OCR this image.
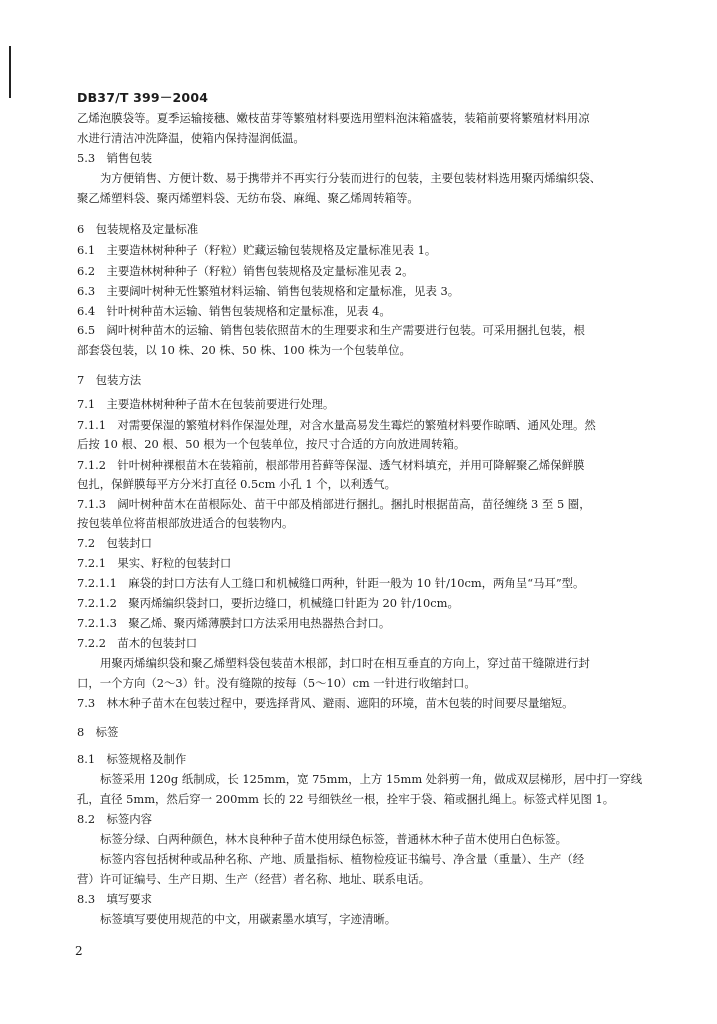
DB37/T 399－2004
乙烯泡膜袋等。夏季运输接穗、嫩枝苗芽等繁殖材料要选用塑料泡沫箱盛装，装箱前要将繁殖材料用凉
水进行清洁冲洗降温，使箱内保持湿润低温。
5.3　销售包装
为方便销售、方便计数、易于携带并不再实行分装而进行的包装，主要包装材料选用聚丙烯编织袋、
聚乙烯塑料袋、聚丙烯塑料袋、无纺布袋、麻绳、聚乙烯周转箱等。
6　包装规格及定量标准
6.1　主要造林树种种子（籽粒）贮藏运输包装规格及定量标准见表 1。
6.2　主要造林树种种子（籽粒）销售包装规格及定量标准见表 2。
6.3　主要阔叶树种无性繁殖材料运输、销售包装规格和定量标准，见表 3。
6.4　针叶树种苗木运输、销售包装规格和定量标准，见表 4。
6.5　阔叶树种苗木的运输、销售包装依照苗木的生理要求和生产需要进行包装。可采用捆扎包装，根
部套袋包装，以 10 株、20 株、50 株、100 株为一个包装单位。
7　包装方法
7.1　主要造林树种种子苗木在包装前要进行处理。
7.1.1　对需要保湿的繁殖材料作保湿处理，对含水量高易发生霉烂的繁殖材料要作晾晒、通风处理。然
后按 10 根、20 根、50 根为一个包装单位，按尺寸合适的方向放进周转箱。
7.1.2　针叶树种裸根苗木在装箱前，根部带用苔藓等保湿、透气材料填充，并用可降解聚乙烯保鲜膜
包扎，保鲜膜每平方分米打直径 0.5cm 小孔 1 个，以利透气。
7.1.3　阔叶树种苗木在苗根际处、苗干中部及梢部进行捆扎。捆扎时根据苗高，苗径缠绕 3 至 5 圈，
按包装单位将苗根部放进适合的包装物内。
7.2　包装封口
7.2.1　果实、籽粒的包装封口
7.2.1.1　麻袋的封口方法有人工缝口和机械缝口两种，针距一般为 10 针/10cm，两角呈“马耳”型。
7.2.1.2　聚丙烯编织袋封口，要折边缝口，机械缝口针距为 20 针/10cm。
7.2.1.3　聚乙烯、聚丙烯薄膜封口方法采用电热器热合封口。
7.2.2　苗木的包装封口
用聚丙烯编织袋和聚乙烯塑料袋包装苗木根部，封口时在相互垂直的方向上，穿过苗干缝隙进行封
口，一个方向（2～3）针。没有缝隙的按每（5～10）cm 一针进行收缩封口。
7.3　林木种子苗木在包装过程中，要选择背风、避雨、遮阳的环境，苗木包装的时间要尽量缩短。
8　标签
8.1　标签规格及制作
标签采用 120g 纸制成，长 125mm，宽 75mm，上方 15mm 处斜剪一角，做成双层梯形，居中打一穿线
孔，直径 5mm，然后穿一 200mm 长的 22 号细铁丝一根，拴牢于袋、箱或捆扎绳上。标签式样见图 1。
8.2　标签内容
标签分绿、白两种颜色，林木良种种子苗木使用绿色标签，普通林木种子苗木使用白色标签。
标签内容包括树种或品种名称、产地、质量指标、植物检疫证书编号、净含量（重量）、生产（经
营）许可证编号、生产日期、生产（经营）者名称、地址、联系电话。
8.3　填写要求
标签填写要使用规范的中文，用碳素墨水填写，字迹清晰。
2
